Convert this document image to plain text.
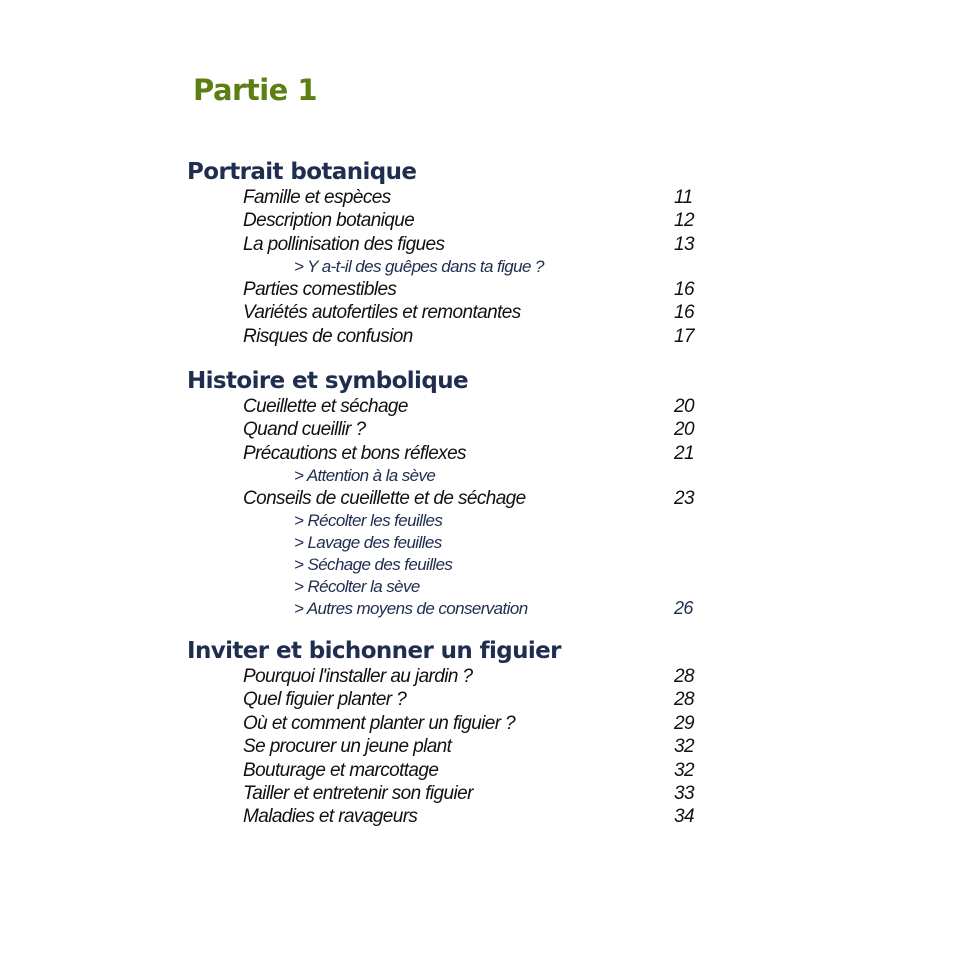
Partie 1
Portrait botanique
Famille et espèces	11
Description botanique	12
La pollinisation des figues	13
> Y a-t-il des guêpes dans ta figue ?
Parties comestibles	16
Variétés autofertiles et remontantes	16
Risques de confusion	17
Histoire et symbolique
Cueillette et séchage	20
Quand cueillir ?	20
Précautions et bons réflexes	21
> Attention à la sève
Conseils de cueillette et de séchage	23
> Récolter les feuilles
> Lavage des feuilles
> Séchage des feuilles
> Récolter la sève
> Autres moyens de conservation	26
Inviter et bichonner un figuier
Pourquoi l'installer au jardin ?	28
Quel figuier planter ?	28
Où et comment planter un figuier ?	29
Se procurer un jeune plant	32
Bouturage et marcottage	32
Tailler et entretenir son figuier	33
Maladies et ravageurs	34
